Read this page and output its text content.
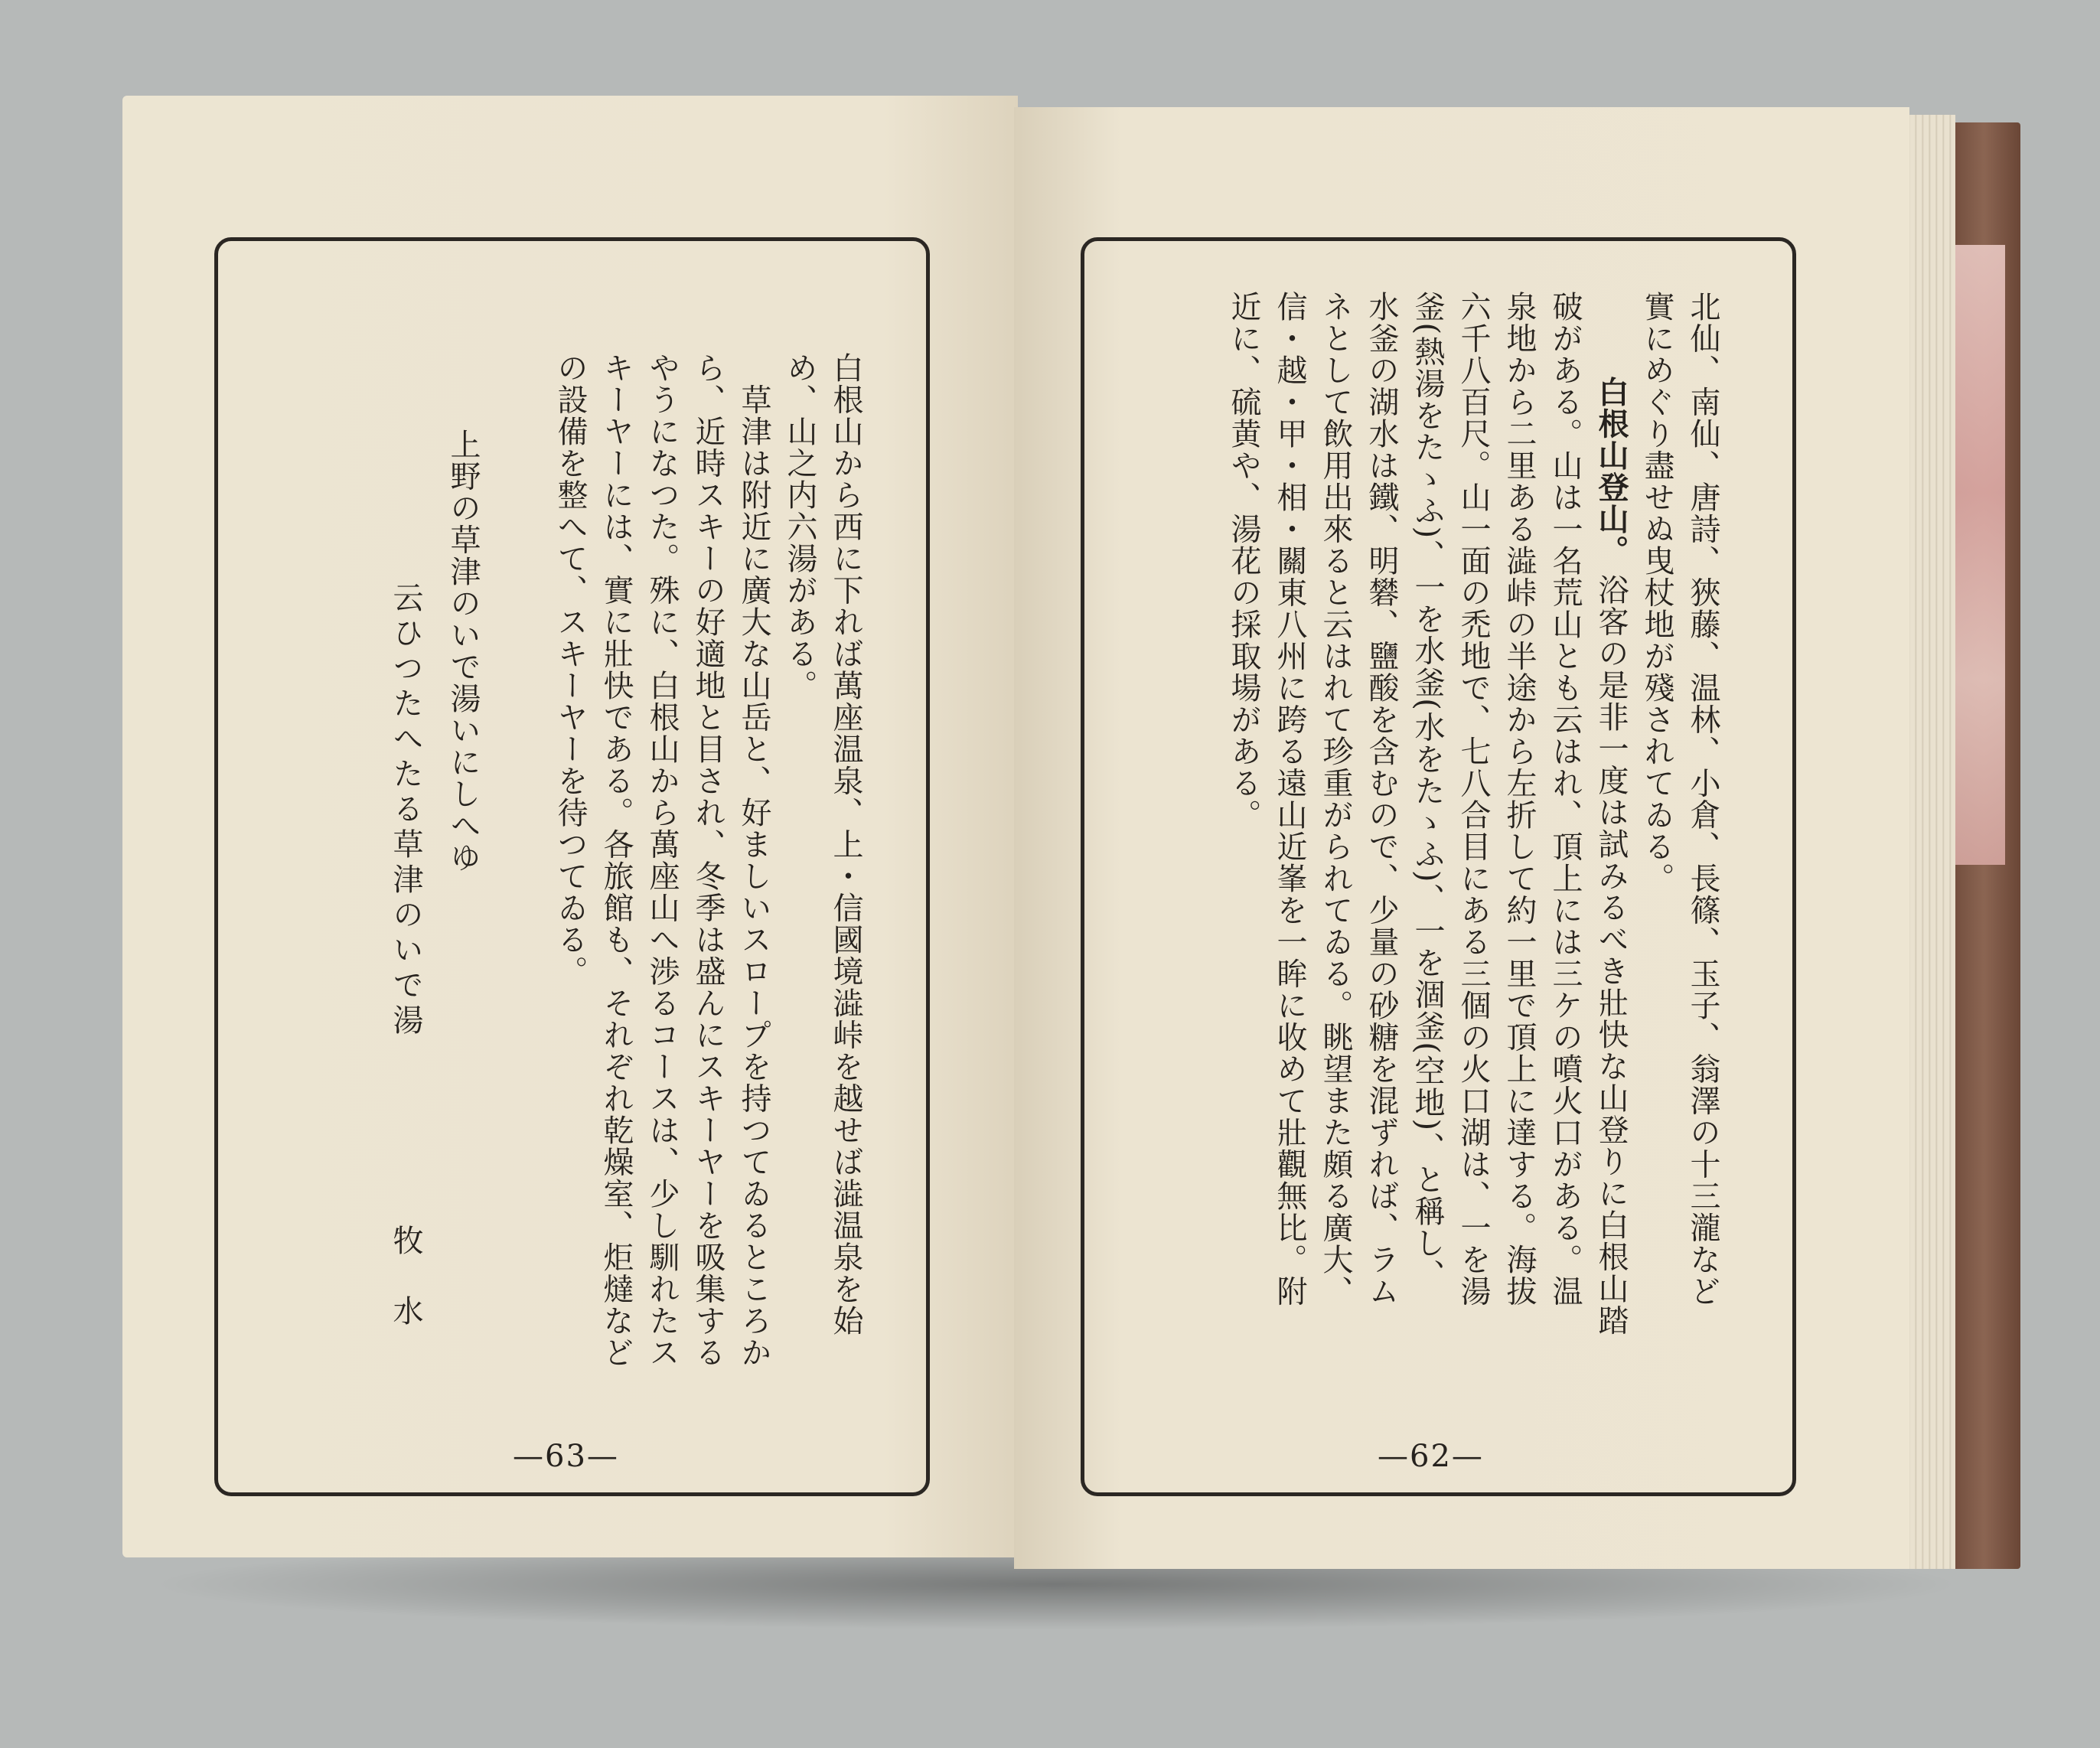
白根山から西に下れば萬座温泉、上・信國境澁峠を越せば澁温泉を始
め、山之内六湯がある。
　草津は附近に廣大な山岳と、好ましいスロープを持つてゐるところか
ら、近時スキーの好適地と目され、冬季は盛んにスキーヤーを吸集する
やうになつた。殊に、白根山から萬座山へ渉るコースは、少し馴れたス
キーヤーには、實に壯快である。各旅館も、それぞれ乾燥室、炬燵など
の設備を整へて、スキーヤーを待つてゐる。
上野の草津のいで湯いにしへゆ
云ひつたへたる草津のいで湯
牧　水
—63—
北仙、南仙、唐詩、狹藤、温林、小倉、長篠、玉子、翁澤の十三瀧など
實にめぐり盡せぬ曳杖地が殘されてゐる。
　白根山登山。
浴客の是非一度は試みるべき壯快な山登りに白根山踏
破がある。山は一名荒山とも云はれ、頂上には三ケの噴火口がある。温
泉地から二里ある澁峠の半途から左折して約一里で頂上に達する。海拔
六千八百尺。山一面の禿地で、七八合目にある三個の火口湖は、一を湯
釜(熱湯をたゝふ)、一を水釜(水をたゝふ)、一を涸釜(空地)、と稱し、
水釜の湖水は鐵、明礬、鹽酸を含むので、少量の砂糖を混ずれば、ラム
ネとして飲用出來ると云はれて珍重がられてゐる。眺望また頗る廣大、
信・越・甲・相・關東八州に跨る遠山近峯を一眸に收めて壯觀無比。附
近に、硫黄や、湯花の採取場がある。
—62—
